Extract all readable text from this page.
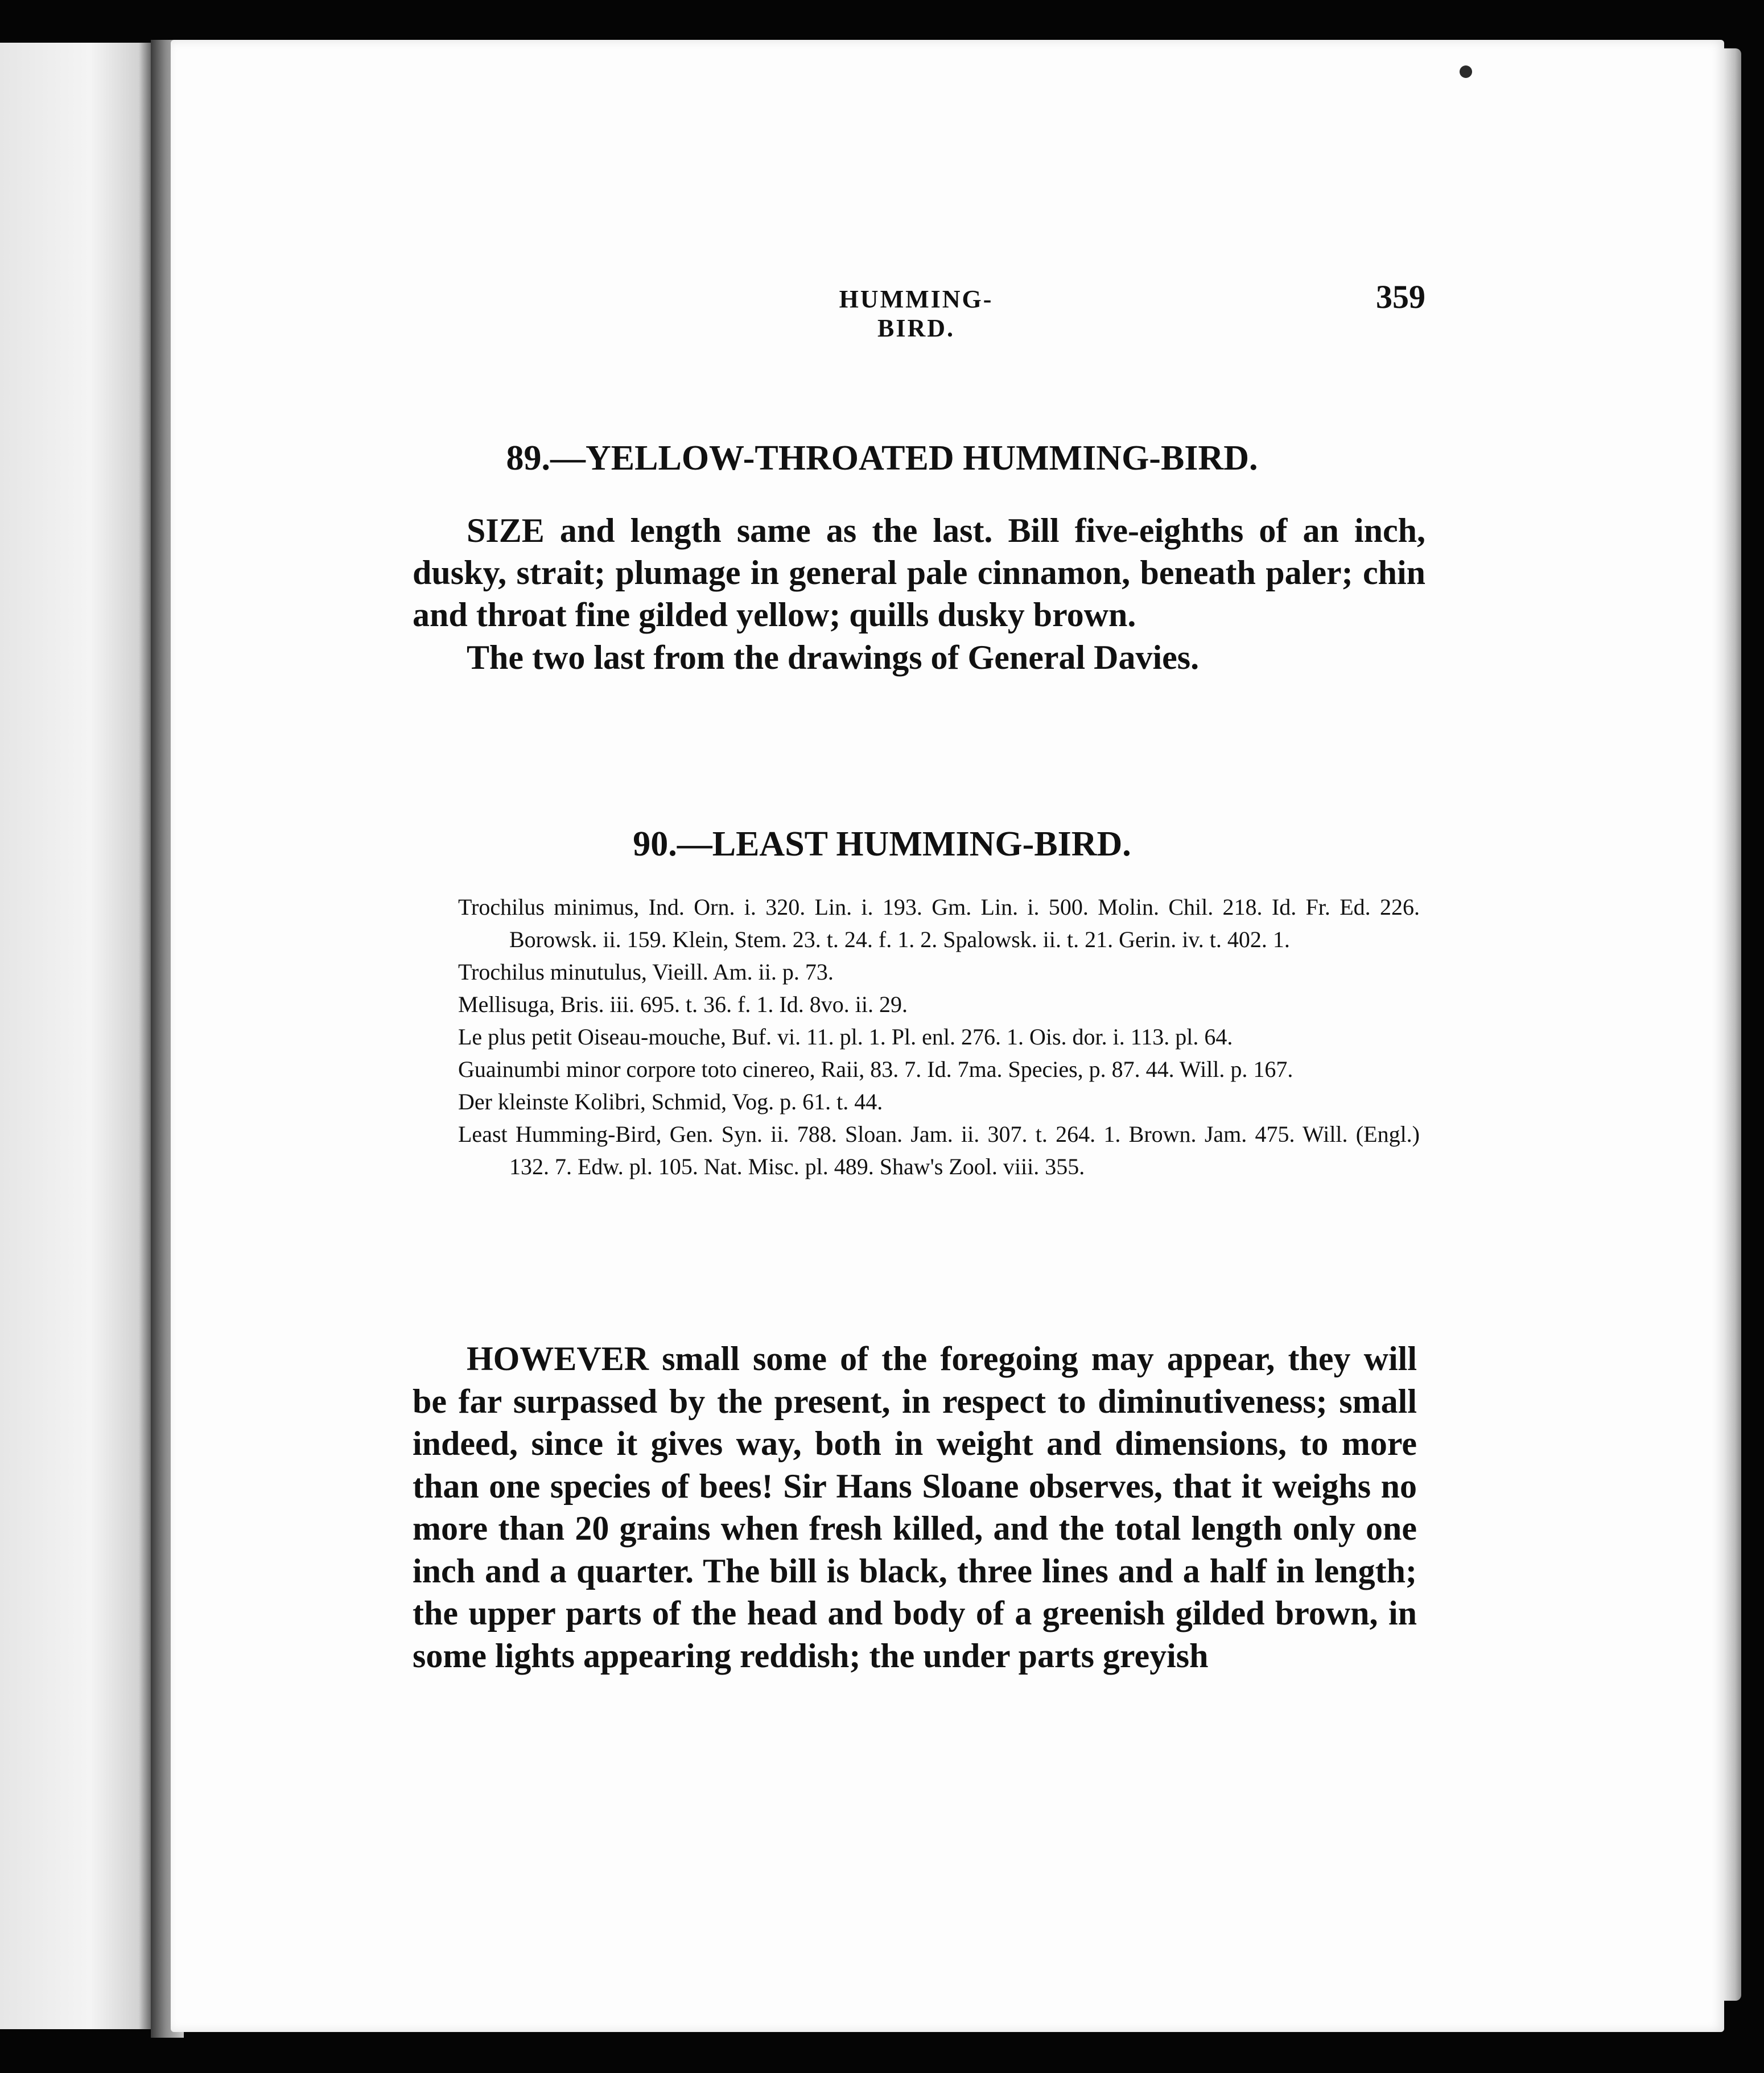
HUMMING-BIRD.
359
89.—YELLOW-THROATED HUMMING-BIRD.
SIZE and length same as the last. Bill five-eighths of an inch, dusky, strait; plumage in general pale cinnamon, beneath paler; chin and throat fine gilded yellow; quills dusky brown.
The two last from the drawings of General Davies.
90.—LEAST HUMMING-BIRD.

Trochilus minimus, Ind. Orn. i. 320. Lin. i. 193. Gm. Lin. i. 500. Molin. Chil. 218. Id. Fr. Ed. 226. Borowsk. ii. 159. Klein, Stem. 23. t. 24. f. 1. 2. Spalowsk. ii. t. 21. Gerin. iv. t. 402. 1.

Trochilus minutulus, Vieill. Am. ii. p. 73.

Mellisuga, Bris. iii. 695. t. 36. f. 1. Id. 8vo. ii. 29.

Le plus petit Oiseau-mouche, Buf. vi. 11. pl. 1. Pl. enl. 276. 1. Ois. dor. i. 113. pl. 64.

Guainumbi minor corpore toto cinereo, Raii, 83. 7. Id. 7ma. Species, p. 87. 44. Will. p. 167.

Der kleinste Kolibri, Schmid, Vog. p. 61. t. 44.

Least Humming-Bird, Gen. Syn. ii. 788. Sloan. Jam. ii. 307. t. 264. 1. Brown. Jam. 475. Will. (Engl.) 132. 7. Edw. pl. 105. Nat. Misc. pl. 489. Shaw's Zool. viii. 355.

HOWEVER small some of the foregoing may appear, they will be far surpassed by the present, in respect to diminutiveness; small indeed, since it gives way, both in weight and dimensions, to more than one species of bees! Sir Hans Sloane observes, that it weighs no more than 20 grains when fresh killed, and the total length only one inch and a quarter. The bill is black, three lines and a half in length; the upper parts of the head and body of a greenish gilded brown, in some lights appearing reddish; the under parts greyish
